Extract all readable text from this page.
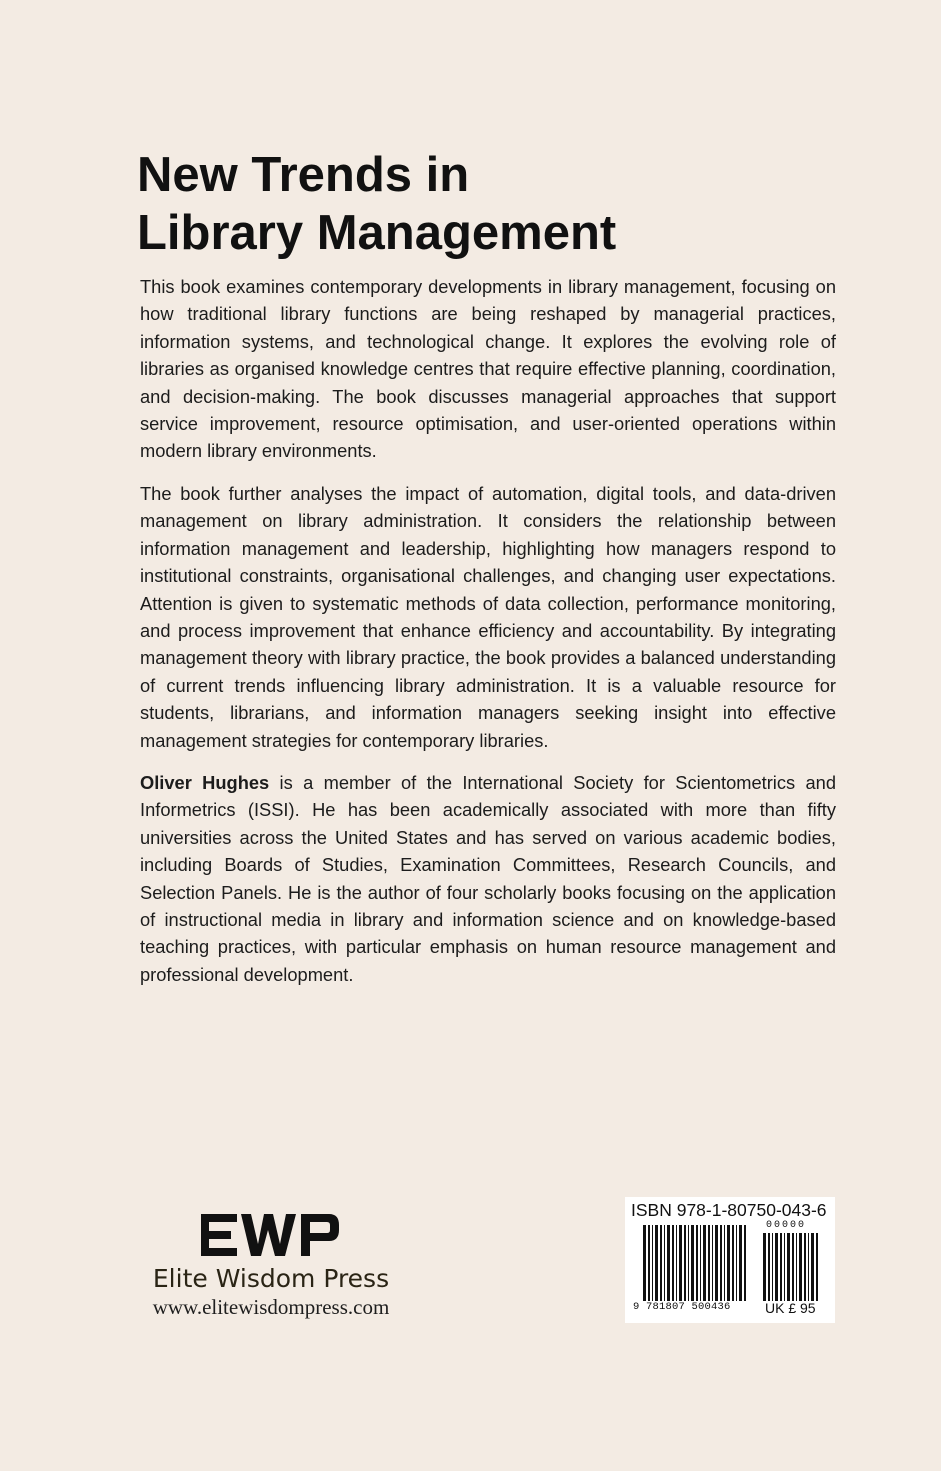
New Trends in
Library Management

This book examines contemporary developments in library management, focusing on how traditional library functions are being reshaped by managerial practices, information systems, and technological change. It explores the evolving role of libraries as organised knowledge centres that require effective planning, coordination, and decision-making. The book discusses managerial approaches that support service improvement, resource optimisation, and user-oriented operations within modern library environments.

The book further analyses the impact of automation, digital tools, and data-driven management on library administration. It considers the relationship between information management and leadership, highlighting how managers respond to institutional constraints, organisational challenges, and changing user expectations. Attention is given to systematic methods of data collection, performance monitoring, and process improvement that enhance efficiency and accountability. By integrating management theory with library practice, the book provides a balanced understanding of current trends influencing library administration. It is a valuable resource for students, librarians, and information managers seeking insight into effective management strategies for contemporary libraries.

Oliver Hughes is a member of the International Society for Scientometrics and Informetrics (ISSI). He has been academically associated with more than fifty universities across the United States and has served on various academic bodies, including Boards of Studies, Examination Committees, Research Councils, and Selection Panels. He is the author of four scholarly books focusing on the application of instructional media in library and information science and on knowledge-based teaching practices, with particular emphasis on human resource management and professional development.

Elite Wisdom Press
www.elitewisdompress.com
ISBN 978-1-80750-043-6
00000
9 781807 500436 UK £ 95
